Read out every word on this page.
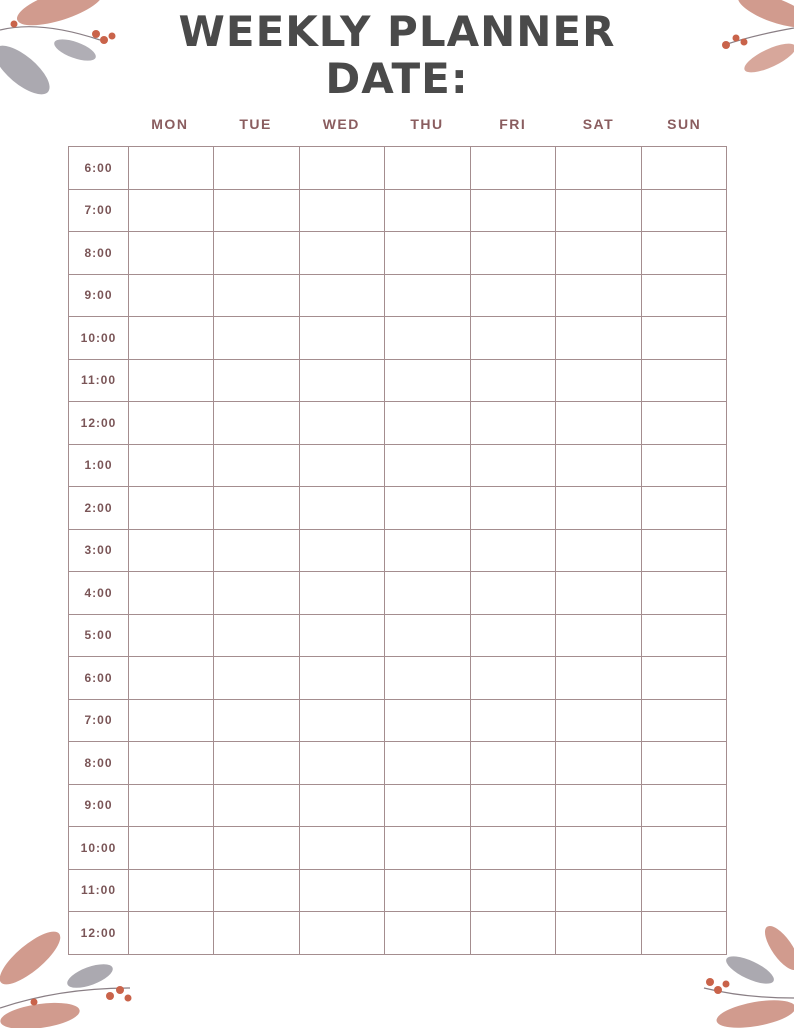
WEEKLY PLANNER
DATE:
MON	TUE	WED	THU	FRI	SAT	SUN
6:00							
7:00							
8:00							
9:00							
10:00							
11:00							
12:00							
1:00							
2:00							
3:00							
4:00							
5:00							
6:00							
7:00							
8:00							
9:00							
10:00							
11:00							
12:00							
